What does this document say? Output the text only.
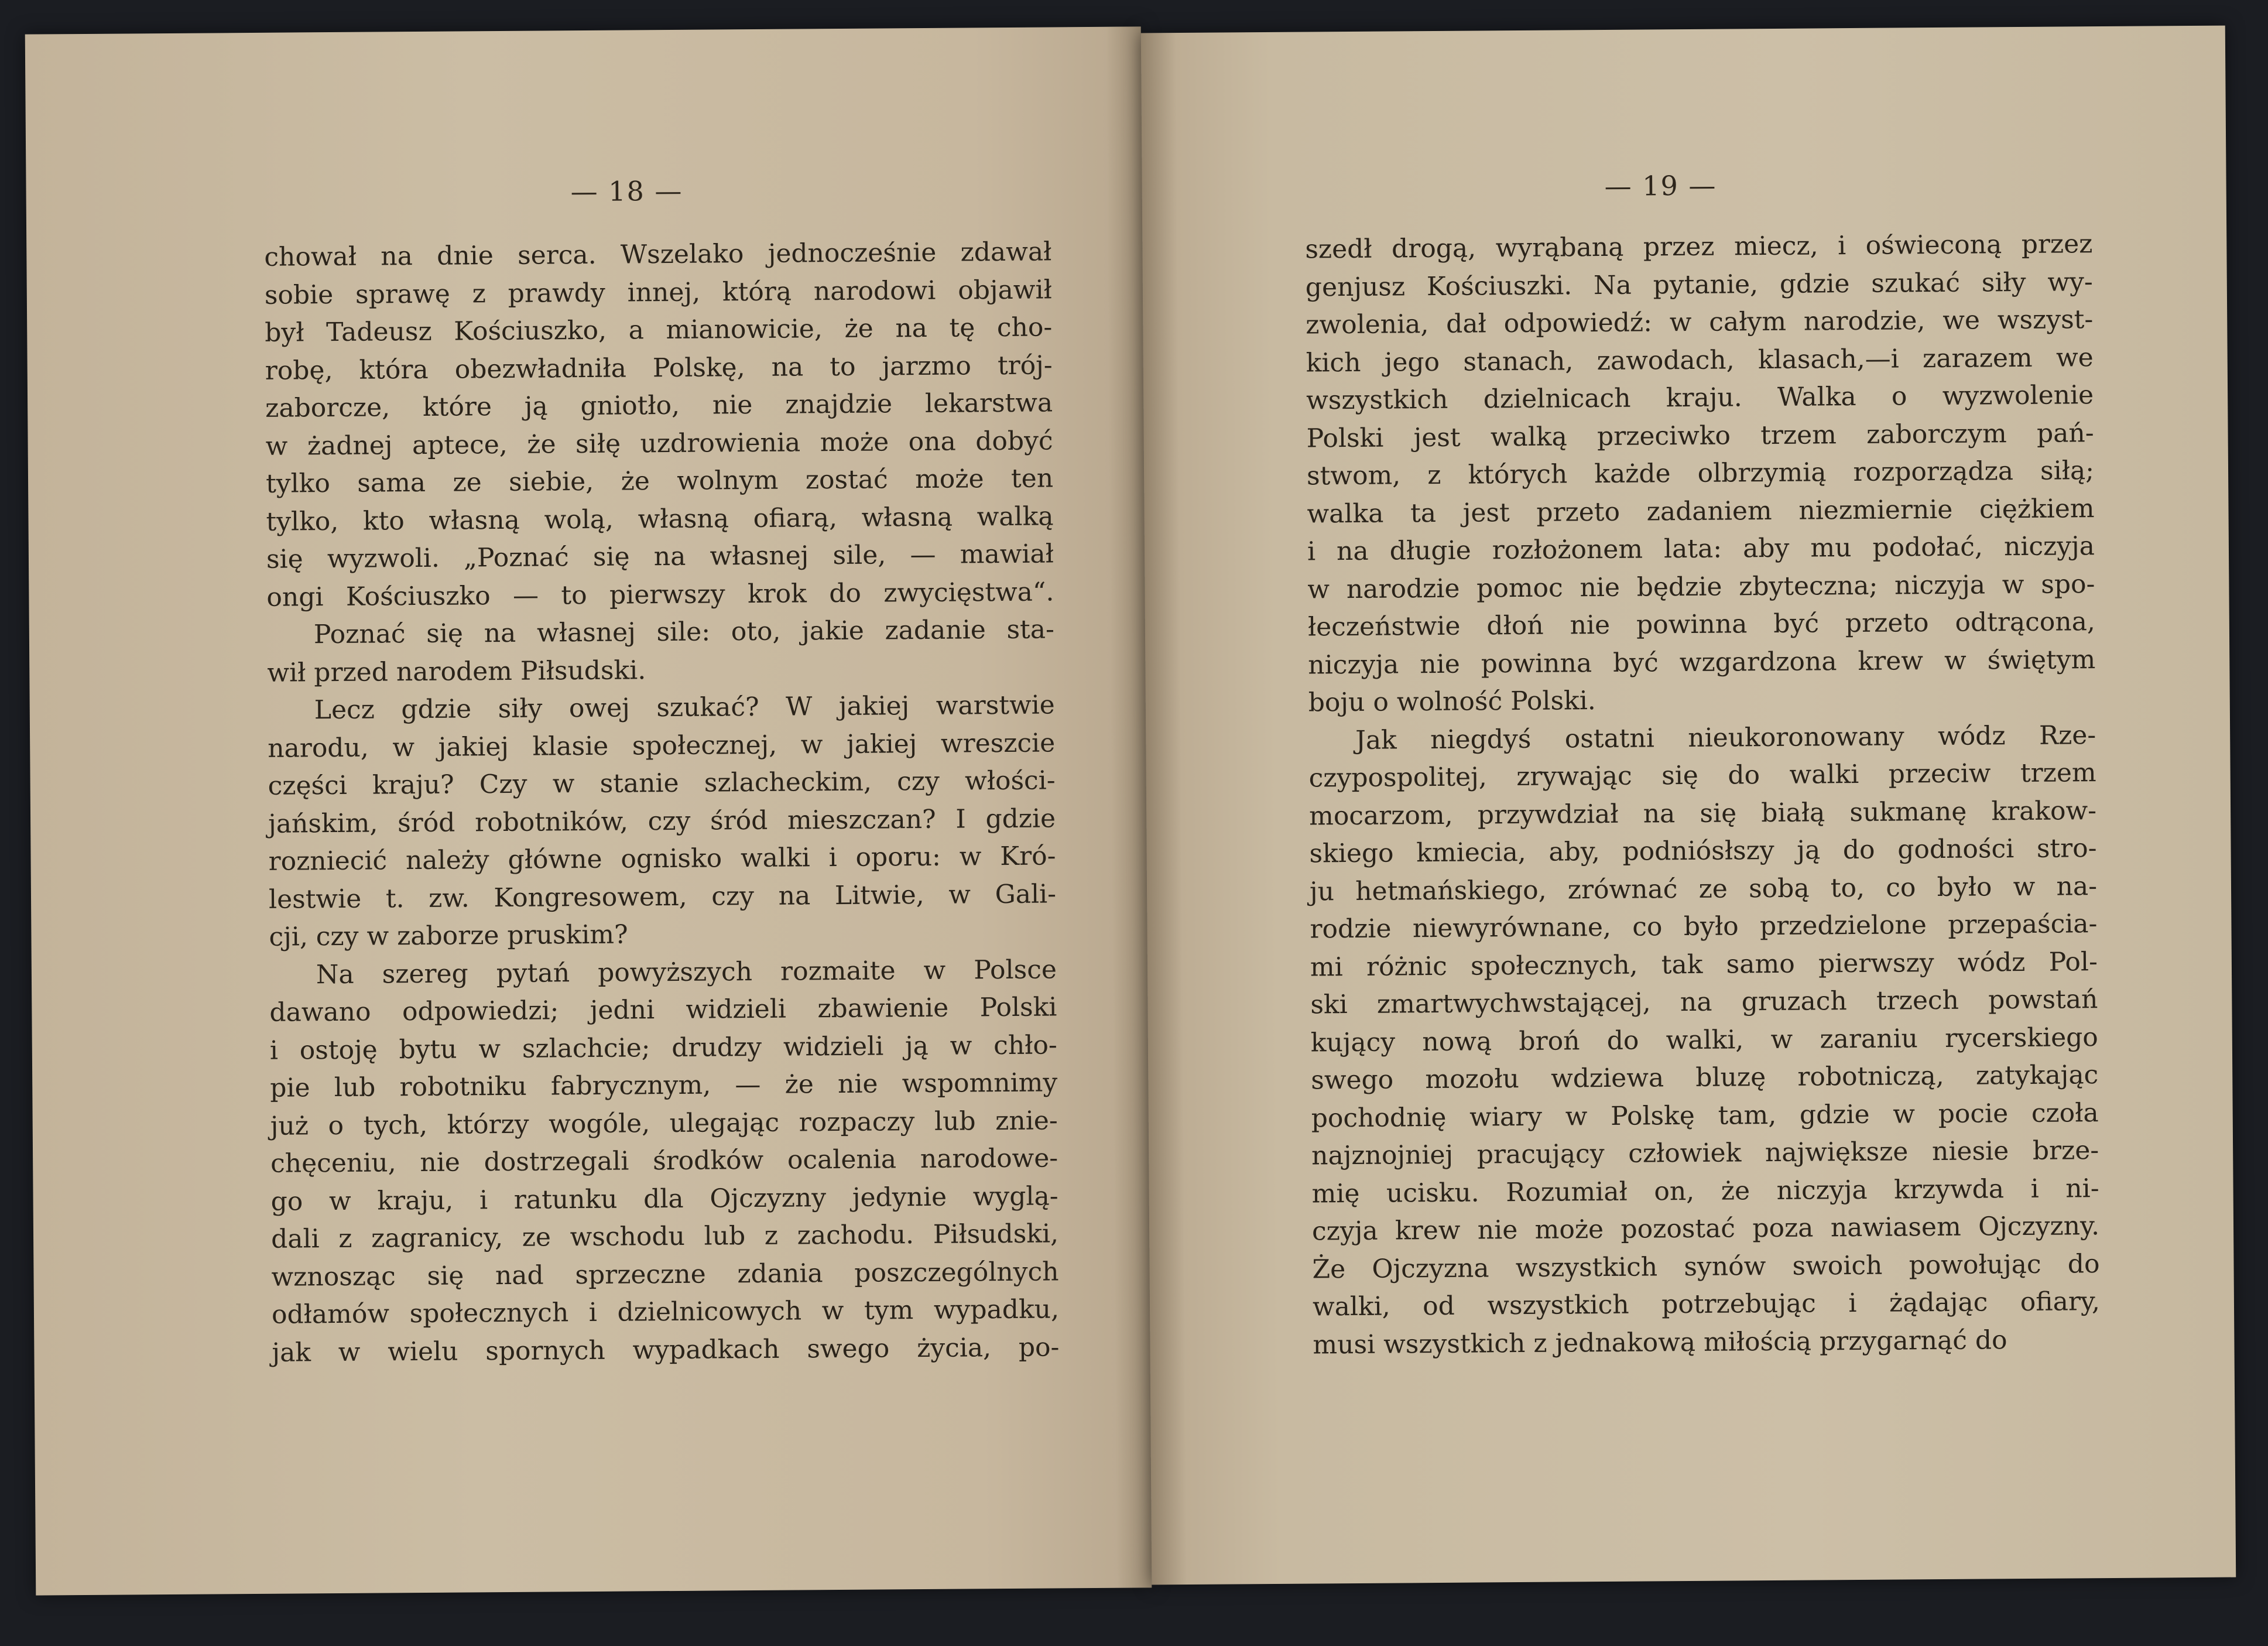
— 18 —
chował na dnie serca. Wszelako jednocześnie zdawał
sobie sprawę z prawdy innej, którą narodowi objawił
był Tadeusz Kościuszko, a mianowicie, że na tę cho-
robę, która obezwładniła Polskę, na to jarzmo trój-
zaborcze, które ją gniotło, nie znajdzie lekarstwa
w żadnej aptece, że siłę uzdrowienia może ona dobyć
tylko sama ze siebie, że wolnym zostać może ten
tylko, kto własną wolą, własną ofiarą, własną walką
się wyzwoli. „Poznać się na własnej sile, — mawiał
ongi Kościuszko — to pierwszy krok do zwycięstwa“.
Poznać się na własnej sile: oto, jakie zadanie sta-
wił przed narodem Piłsudski.
Lecz gdzie siły owej szukać? W jakiej warstwie
narodu, w jakiej klasie społecznej, w jakiej wreszcie
części kraju? Czy w stanie szlacheckim, czy włości-
jańskim, śród robotników, czy śród mieszczan? I gdzie
rozniecić należy główne ognisko walki i oporu: w Kró-
lestwie t. zw. Kongresowem, czy na Litwie, w Gali-
cji, czy w zaborze pruskim?
Na szereg pytań powyższych rozmaite w Polsce
dawano odpowiedzi; jedni widzieli zbawienie Polski
i ostoję bytu w szlachcie; drudzy widzieli ją w chło-
pie lub robotniku fabrycznym, — że nie wspomnimy
już o tych, którzy wogóle, ulegając rozpaczy lub znie-
chęceniu, nie dostrzegali środków ocalenia narodowe-
go w kraju, i ratunku dla Ojczyzny jedynie wyglą-
dali z zagranicy, ze wschodu lub z zachodu. Piłsudski,
wznosząc się nad sprzeczne zdania poszczególnych
odłamów społecznych i dzielnicowych w tym wypadku,
jak w wielu spornych wypadkach swego życia, po-
— 19 —
szedł drogą, wyrąbaną przez miecz, i oświeconą przez
genjusz Kościuszki. Na pytanie, gdzie szukać siły wy-
zwolenia, dał odpowiedź: w całym narodzie, we wszyst-
kich jego stanach, zawodach, klasach,—i zarazem we
wszystkich dzielnicach kraju. Walka o wyzwolenie
Polski jest walką przeciwko trzem zaborczym pań-
stwom, z których każde olbrzymią rozporządza siłą;
walka ta jest przeto zadaniem niezmiernie ciężkiem
i na długie rozłożonem lata: aby mu podołać, niczyja
w narodzie pomoc nie będzie zbyteczna; niczyja w spo-
łeczeństwie dłoń nie powinna być przeto odtrącona,
niczyja nie powinna być wzgardzona krew w świętym
boju o wolność Polski.
Jak niegdyś ostatni nieukoronowany wódz Rze-
czypospolitej, zrywając się do walki przeciw trzem
mocarzom, przywdział na się białą sukmanę krakow-
skiego kmiecia, aby, podniósłszy ją do godności stro-
ju hetmańskiego, zrównać ze sobą to, co było w na-
rodzie niewyrównane, co było przedzielone przepaścia-
mi różnic społecznych, tak samo pierwszy wódz Pol-
ski zmartwychwstającej, na gruzach trzech powstań
kujący nową broń do walki, w zaraniu rycerskiego
swego mozołu wdziewa bluzę robotniczą, zatykając
pochodnię wiary w Polskę tam, gdzie w pocie czoła
najznojniej pracujący człowiek największe niesie brze-
mię ucisku. Rozumiał on, że niczyja krzywda i ni-
czyja krew nie może pozostać poza nawiasem Ojczyzny.
Że Ojczyzna wszystkich synów swoich powołując do
walki, od wszystkich potrzebując i żądając ofiary,
musi wszystkich z jednakową miłością przygarnąć do
